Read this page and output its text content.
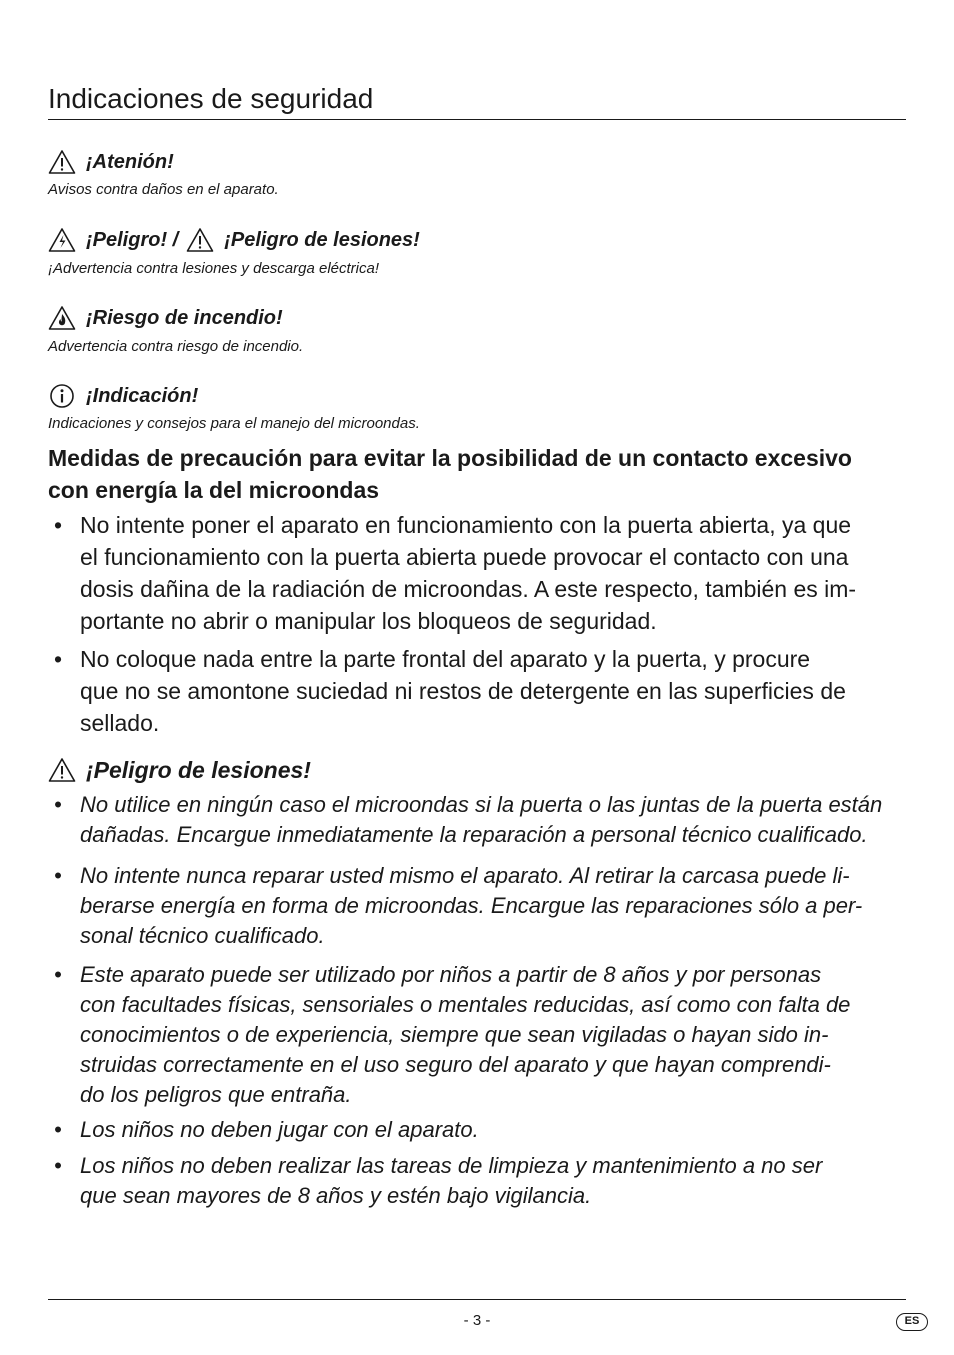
Indicaciones de seguridad
¡Atenión!
Avisos contra daños en el aparato.
¡Peligro! / ¡Peligro de lesiones!
¡Advertencia contra lesiones y descarga eléctrica!
¡Riesgo de incendio!
Advertencia contra riesgo de incendio.
¡Indicación!
Indicaciones y consejos para el manejo del microondas.
Medidas de precaución para evitar la posibilidad de un contacto excesivo
con energía la del microondas
• No intente poner el aparato en funcionamiento con la puerta abierta, ya que
el funcionamiento con la puerta abierta puede provocar el contacto con una
dosis dañina de la radiación de microondas. A este respecto, también es im-
portante no abrir o manipular los bloqueos de seguridad.
• No coloque nada entre la parte frontal del aparato y la puerta, y procure
que no se amontone suciedad ni restos de detergente en las superficies de
sellado.
¡Peligro de lesiones!
• No utilice en ningún caso el microondas si la puerta o las juntas de la puerta están
dañadas. Encargue inmediatamente la reparación a personal técnico cualificado.
• No intente nunca reparar usted mismo el aparato. Al retirar la carcasa puede li-
berarse energía en forma de microondas. Encargue las reparaciones sólo a per-
sonal técnico cualificado.
• Este aparato puede ser utilizado por niños a partir de 8 años y por personas
con facultades físicas, sensoriales o mentales reducidas, así como con falta de
conocimientos o de experiencia, siempre que sean vigiladas o hayan sido in-
struidas correctamente en el uso seguro del aparato y que hayan comprendi-
do los peligros que entraña.
• Los niños no deben jugar con el aparato.
• Los niños no deben realizar las tareas de limpieza y mantenimiento a no ser
que sean mayores de 8 años y estén bajo vigilancia.
- 3 -	ES
